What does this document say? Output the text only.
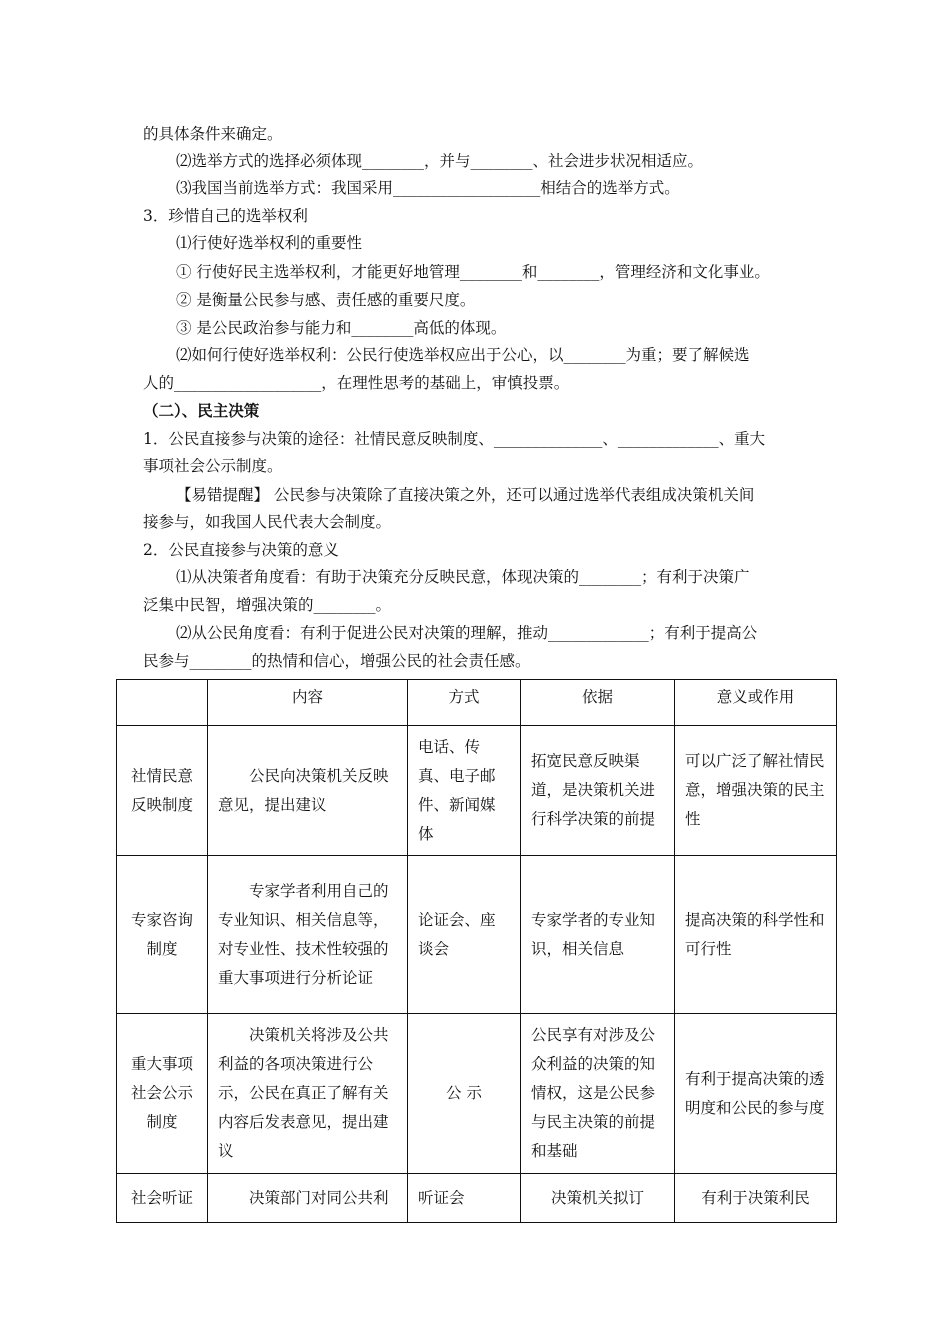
的具体条件来确定。
⑵选举方式的选择必须体现________，并与________、社会进步状况相适应。
⑶我国当前选举方式：我国采用___________________相结合的选举方式。
3．珍惜自己的选举权利
⑴行使好选举权利的重要性
① 行使好民主选举权利，才能更好地管理________和________，管理经济和文化事业。
② 是衡量公民参与感、责任感的重要尺度。
③ 是公民政治参与能力和________高低的体现。
⑵如何行使好选举权利：公民行使选举权应出于公心，以________为重；要了解候选
人的___________________，在理性思考的基础上，审慎投票。
（二）、民主决策
1．公民直接参与决策的途径：社情民意反映制度、______________、_____________、重大
事项社会公示制度。
【易错提醒】 公民参与决策除了直接决策之外，还可以通过选举代表组成决策机关间
接参与，如我国人民代表大会制度。
2．公民直接参与决策的意义
⑴从决策者角度看：有助于决策充分反映民意，体现决策的________；有利于决策广
泛集中民智，增强决策的________。
⑵从公民角度看：有利于促进公民对决策的理解，推动_____________；有利于提高公
民参与________的热情和信心，增强公民的社会责任感。
	内容	方式	依据	意义或作用
社情民意反映制度	公民向决策机关反映意见，提出建议	电话、传真、电子邮件、新闻媒体	拓宽民意反映渠道，是决策机关进行科学决策的前提	可以广泛了解社情民意，增强决策的民主性
专家咨询制度	专家学者利用自己的专业知识、相关信息等，对专业性、技术性较强的重大事项进行分析论证	论证会、座谈会	专家学者的专业知识，相关信息	提高决策的科学性和可行性
重大事项社会公示制度	决策机关将涉及公共利益的各项决策进行公示，公民在真正了解有关内容后发表意见，提出建议	公 示	公民享有对涉及公众利益的决策的知情权，这是公民参与民主决策的前提和基础	有利于提高决策的透明度和公民的参与度
社会听证	决策部门对同公共利	听证会	决策机关拟订	有利于决策利民
